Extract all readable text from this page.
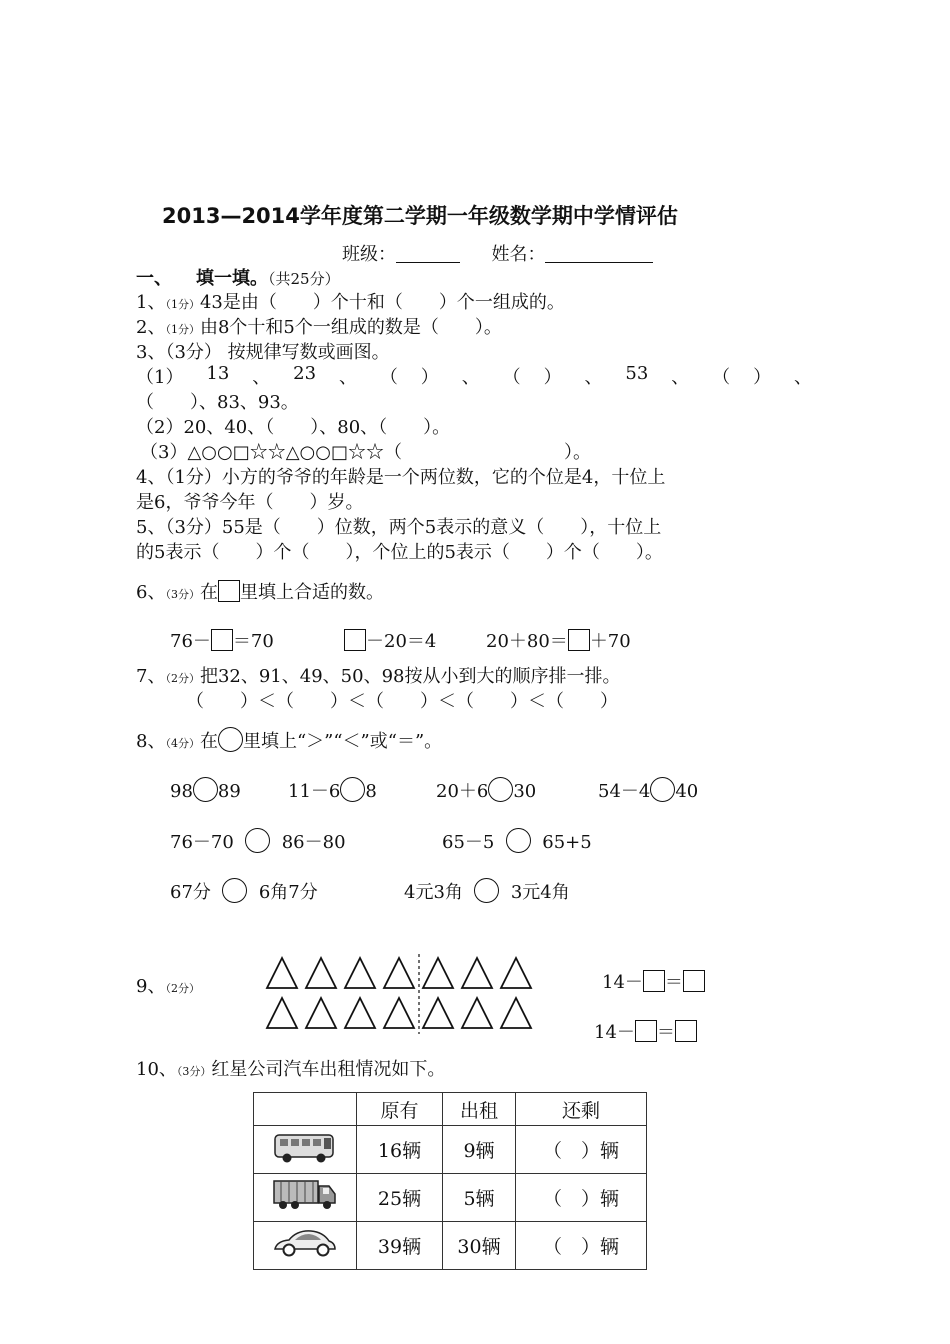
2013—2014学年度第二学期一年级数学期中学情评估
班级：	姓名：
一、 填一填。（共25分）
1、（1分）43是由（　　）个十和（　　）个一组成的。
2、（1分）由8个十和5个一组成的数是（　　）。
3、（3分） 按规律写数或画图。
（1） 13 、 23 、 （ ） 、 （ ） 、 53 、 （ ） 、
（　　）、83、93。
（2）20、40、（　　）、80、（　　）。
（3）△○○□☆☆△○○□☆☆（　　　　　　　　　）。
4、（1分）小方的爷爷的年龄是一个两位数，它的个位是4，十位上
是6，爷爷今年（　　）岁。
5、（3分）55是（　　）位数，两个5表示的意义（　　），十位上
的5表示（　　）个（　　），个位上的5表示（　　）个（　　）。
6、（3分）在 里填上合适的数。
76－ ＝70	－20＝4	20＋80＝ ＋70
7、（2分）把32、91、49、50、98按从小到大的顺序排一排。
（　　）＜（　　）＜（　　）＜（　　）＜（　　）
8、（4分）在 里填上“＞”“＜”或“＝”。
98 89	11－6 8	20＋6 30	54－4 40
76－70	86－80	65－5	65+5
67分	6角7分	4元3角	3元4角
9、（2分）	14－ ＝
14－ ＝
10、（3分）红星公司汽车出租情况如下。
	原有	出租	还剩
	16辆	9辆	（　）辆
	25辆	5辆	（　）辆
	39辆	30辆	（　）辆
